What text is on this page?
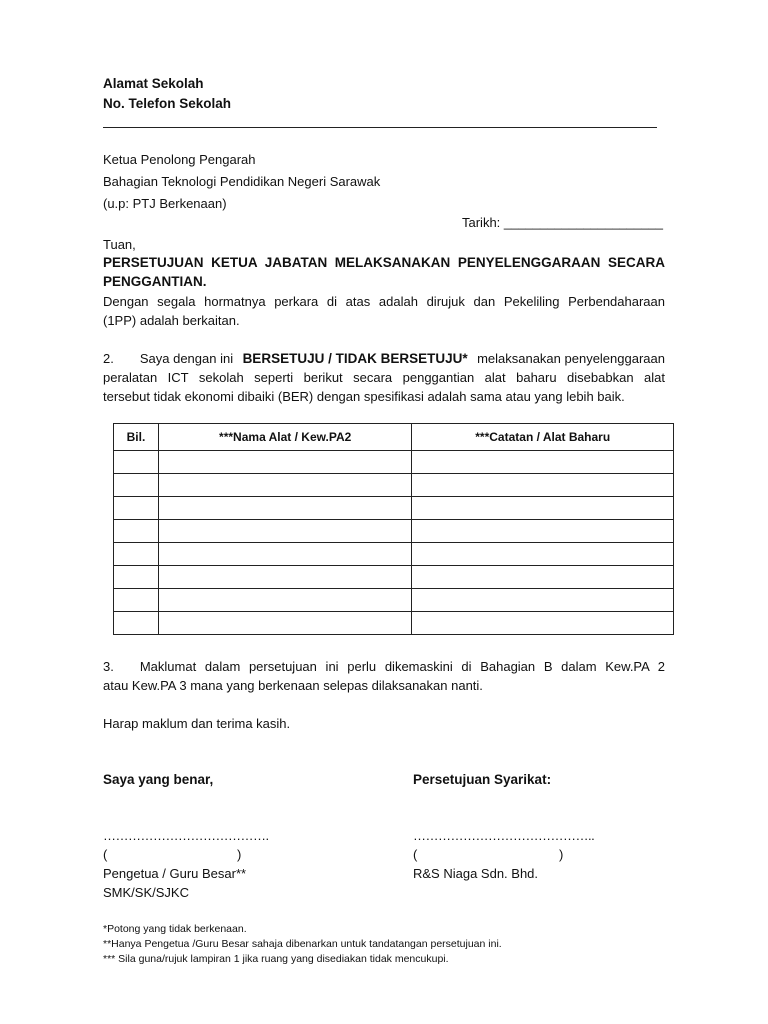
Alamat Sekolah
No. Telefon Sekolah
Ketua Penolong Pengarah
Bahagian Teknologi Pendidikan Negeri Sarawak
(u.p: PTJ Berkenaan)
Tarikh: ______________________
Tuan,
PERSETUJUAN KETUA JABATAN MELAKSANAKAN PENYELENGGARAAN SECARA
PENGGANTIAN.
Dengan segala hormatnya perkara di atas adalah dirujuk dan Pekeliling Perbendaharaan
(1PP) adalah berkaitan.
2. Saya dengan ini BERSETUJU / TIDAK BERSETUJU* melaksanakan penyelenggaraan
peralatan ICT sekolah seperti berikut secara penggantian alat baharu disebabkan alat
tersebut tidak ekonomi dibaiki (BER) dengan spesifikasi adalah sama atau yang lebih baik.
Bil.	***Nama Alat / Kew.PA2	***Catatan / Alat Baharu

3. Maklumat dalam persetujuan ini perlu dikemaskini di Bahagian B dalam Kew.PA 2
atau Kew.PA 3 mana yang berkenaan selepas dilaksanakan nanti.
Harap maklum dan terima kasih.
Saya yang benar,	Persetujuan Syarikat:
………………………………….	……………………………………..
(	)	(	)
Pengetua / Guru Besar**	R&S Niaga Sdn. Bhd.
SMK/SK/SJKC
*Potong yang tidak berkenaan.
**Hanya Pengetua /Guru Besar sahaja dibenarkan untuk tandatangan persetujuan ini.
*** Sila guna/rujuk lampiran 1 jika ruang yang disediakan tidak mencukupi.
